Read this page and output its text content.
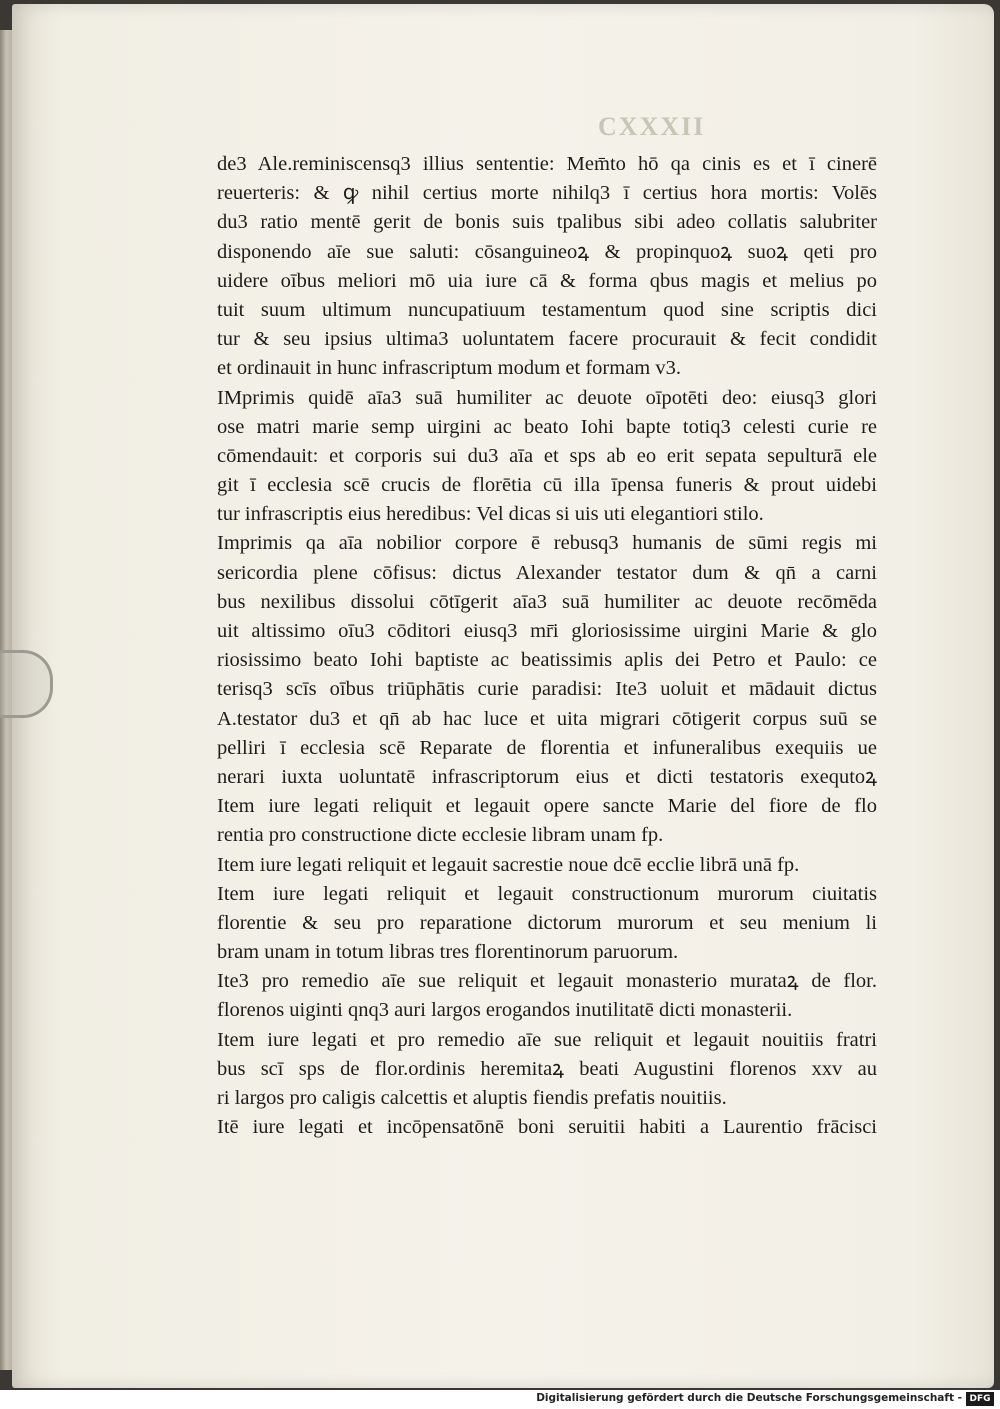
CXXXII
de3 Ale.reminiscensq3 illius sententie: Mem̄to hō qa cinis es et ī cinerē
reuerteris: & ꝙ nihil certius morte nihilq3 ī certius hora mortis: Volēs
du3 ratio mentē gerit de bonis suis tpalibus sibi adeo collatis salubriter
disponendo aīe sue saluti: cōsanguineoꝝ & propinquoꝝ suoꝝ qeti pro
uidere oībus meliori mō uia iure cā & forma qbus magis et melius po
tuit suum ultimum nuncupatiuum testamentum quod sine scriptis dici
tur & seu ipsius ultima3 uoluntatem facere procurauit & fecit condidit
et ordinauit in hunc infrascriptum modum et formam v3.
IMprimis quidē aīa3 suā humiliter ac deuote oīpotēti deo: eiusq3 glori
ose matri marie semp uirgini ac beato Iohi bapte totiq3 celesti curie re
cōmendauit: et corporis sui du3 aīa et sps ab eo erit sepata sepulturā ele
git ī ecclesia scē crucis de florētia cū illa īpensa funeris & prout uidebi
tur infrascriptis eius heredibus: Vel dicas si uis uti elegantiori stilo.
Imprimis qa aīa nobilior corpore ē rebusq3 humanis de sūmi regis mi
sericordia plene cōfisus: dictus Alexander testator dum & qn̄ a carni
bus nexilibus dissolui cōtīgerit aīa3 suā humiliter ac deuote recōmēda
uit altissimo oīu3 cōditori eiusq3 mr̄i gloriosissime uirgini Marie & glo
riosissimo beato Iohi baptiste ac beatissimis aplis dei Petro et Paulo: ce
terisq3 scīs oībus triūphātis curie paradisi: Ite3 uoluit et mādauit dictus
A.testator du3 et qn̄ ab hac luce et uita migrari cōtigerit corpus suū se
pelliri ī ecclesia scē Reparate de florentia et infuneralibus exequiis ue
nerari iuxta uoluntatē infrascriptorum eius et dicti testatoris exequtoꝝ
Item iure legati reliquit et legauit opere sancte Marie del fiore de flo
rentia pro constructione dicte ecclesie libram unam fp.
Item iure legati reliquit et legauit sacrestie noue dcē ecclie librā unā fp.
Item iure legati reliquit et legauit constructionum murorum ciuitatis
florentie & seu pro reparatione dictorum murorum et seu menium li
bram unam in totum libras tres florentinorum paruorum.
Ite3 pro remedio aīe sue reliquit et legauit monasterio murataꝝ de flor.
florenos uiginti qnq3 auri largos erogandos inutilitatē dicti monasterii.
Item iure legati et pro remedio aīe sue reliquit et legauit nouitiis fratri
bus scī sps de flor.ordinis heremitaꝝ beati Augustini florenos xxv au
ri largos pro caligis calcettis et aluptis fiendis prefatis nouitiis.
Itē iure legati et incōpensatōnē boni seruitii habiti a Laurentio frācisci
Digitalisierung gefördert durch die Deutsche Forschungsgemeinschaft - DFG
